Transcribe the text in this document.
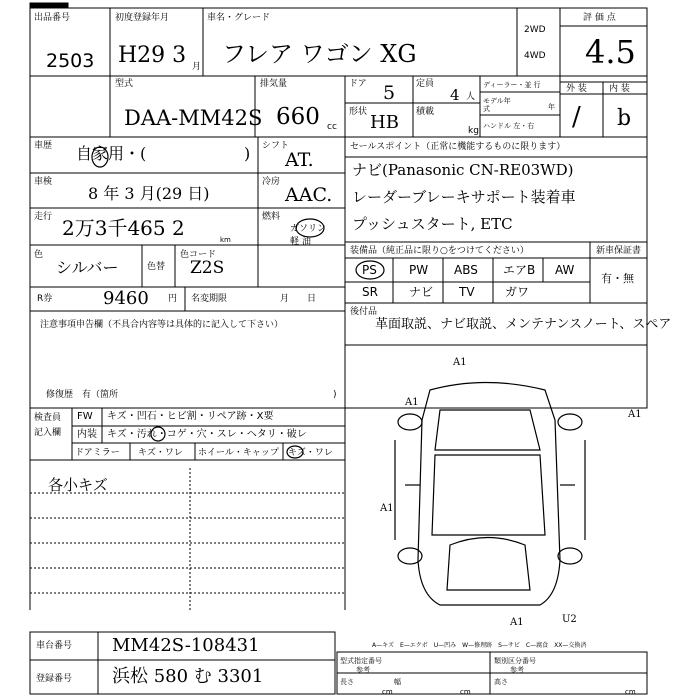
出品番号
2503
初度登録年月
H29 3 月
車名・グレード
フレア ワゴン XG
2WD
4WD
評 価 点
4.5
型式
DAA-MM42S
排気量
660 cc
ドア 5
形状 HB
定員
4 人
積載
kg
ディーラー・並 行
モデル年式	年
ハンドル 左・右
外 装 内 装
/ b
車歴 自家用・(	) シフト
AT.
車検
8 年 3 月(29 日)
冷房
AAC.
走行 2万3千465 2	km
燃料
ガソリン
軽 油
色
シルバー	色替
色コード
Z2S
R券	9460 円 名変期限	月　　日
セールスポイント（正常に機能するものに限ります）
ナビ(Panasonic CN-RE03WD)
レーダーブレーキサポート装着車
プッシュスタート, ETC
装備品（純正品に限り○をつけてください）	新車保証書
有・無
PS	PW ABS エアB AW
SR	ナビ TV	ガワ
後付品
革面取説、ナビ取説、メンテナンスノート、スペア
注意事項申告欄（不具合内容等は具体的に記入して下さい）
修復歴　有（箇所	)
検査員
記入欄
FW キズ・凹石・ヒビ割・リペア跡・X要
内装 キズ・汚れ・コゲ・穴・スレ・ヘタリ・破レ
ドアミラー キズ・ワレ ホイール・キャップ キズ・ワレ
各小キズ
A1
A1
A1
A1
A1	U2
A—キズ　E—エクボ　U—凹み　W—修理跡　S—サビ　C—腐食　XX—交換済
車台番号 MM42S-108431
登録番号 浜松 580 む 3301
型式指定番号	類別区分番号
参考	参考
長さ	幅	高さ
cm	cm	cm
